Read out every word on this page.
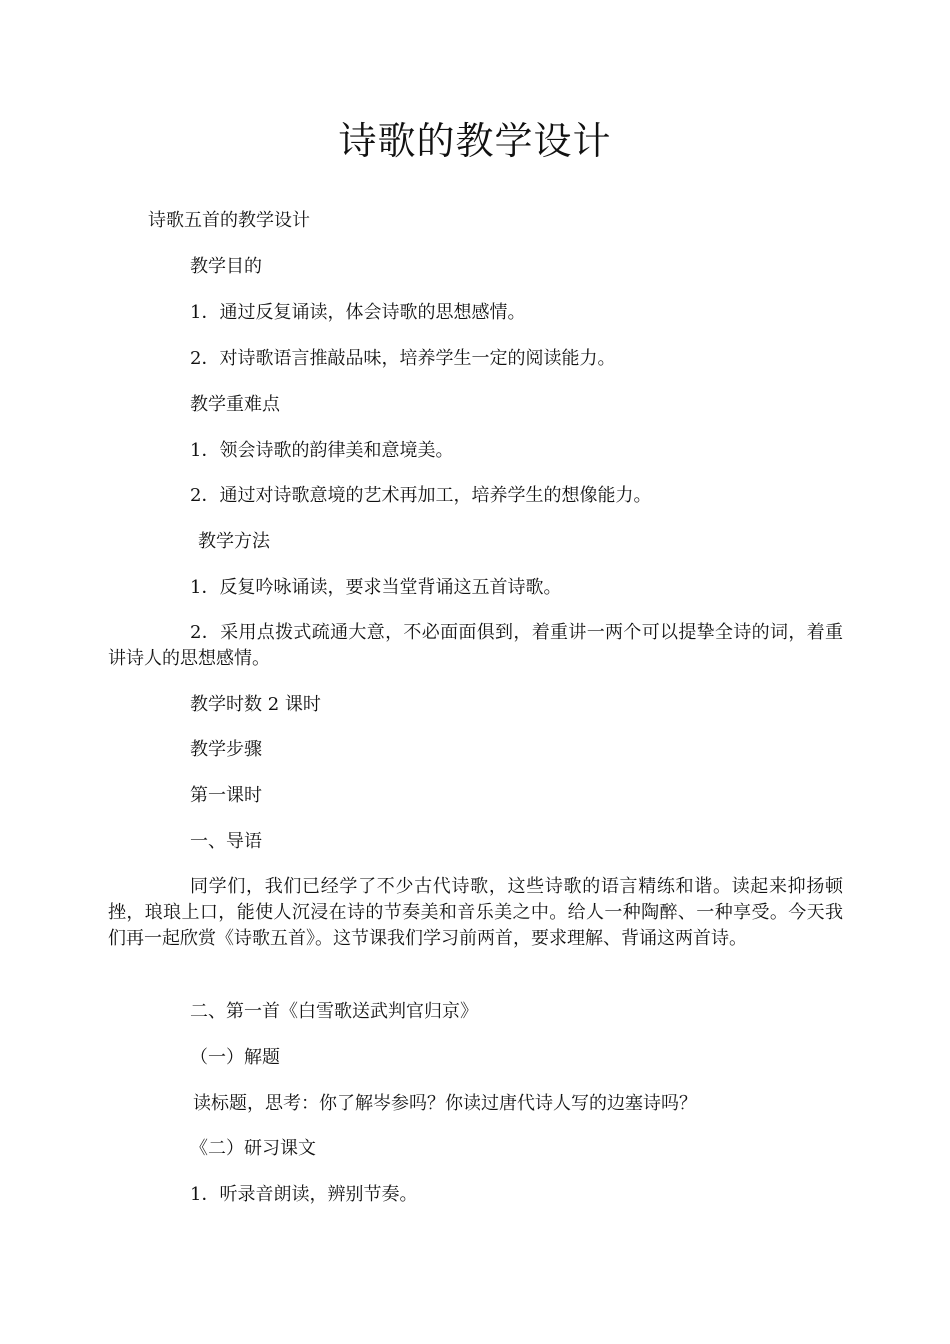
诗歌的教学设计
诗歌五首的教学设计
教学目的
1．通过反复诵读，体会诗歌的思想感情。
2．对诗歌语言推敲品味，培养学生一定的阅读能力。
教学重难点
1．领会诗歌的韵律美和意境美。
2．通过对诗歌意境的艺术再加工，培养学生的想像能力。
教学方法
1．反复吟咏诵读，要求当堂背诵这五首诗歌。
2．采用点拨式疏通大意，不必面面俱到，着重讲一两个可以提挚全诗的词，着重讲诗人的思想感情。
教学时数 2 课时
教学步骤
第一课时
一、导语
同学们，我们已经学了不少古代诗歌，这些诗歌的语言精练和谐。读起来抑扬顿挫，琅琅上口，能使人沉浸在诗的节奏美和音乐美之中。给人一种陶醉、一种享受。今天我们再一起欣赏《诗歌五首》。这节课我们学习前两首，要求理解、背诵这两首诗。
二、第一首《白雪歌送武判官归京》
（一）解题
读标题，思考：你了解岑参吗？你读过唐代诗人写的边塞诗吗？
《二）研习课文
1．听录音朗读，辨别节奏。
